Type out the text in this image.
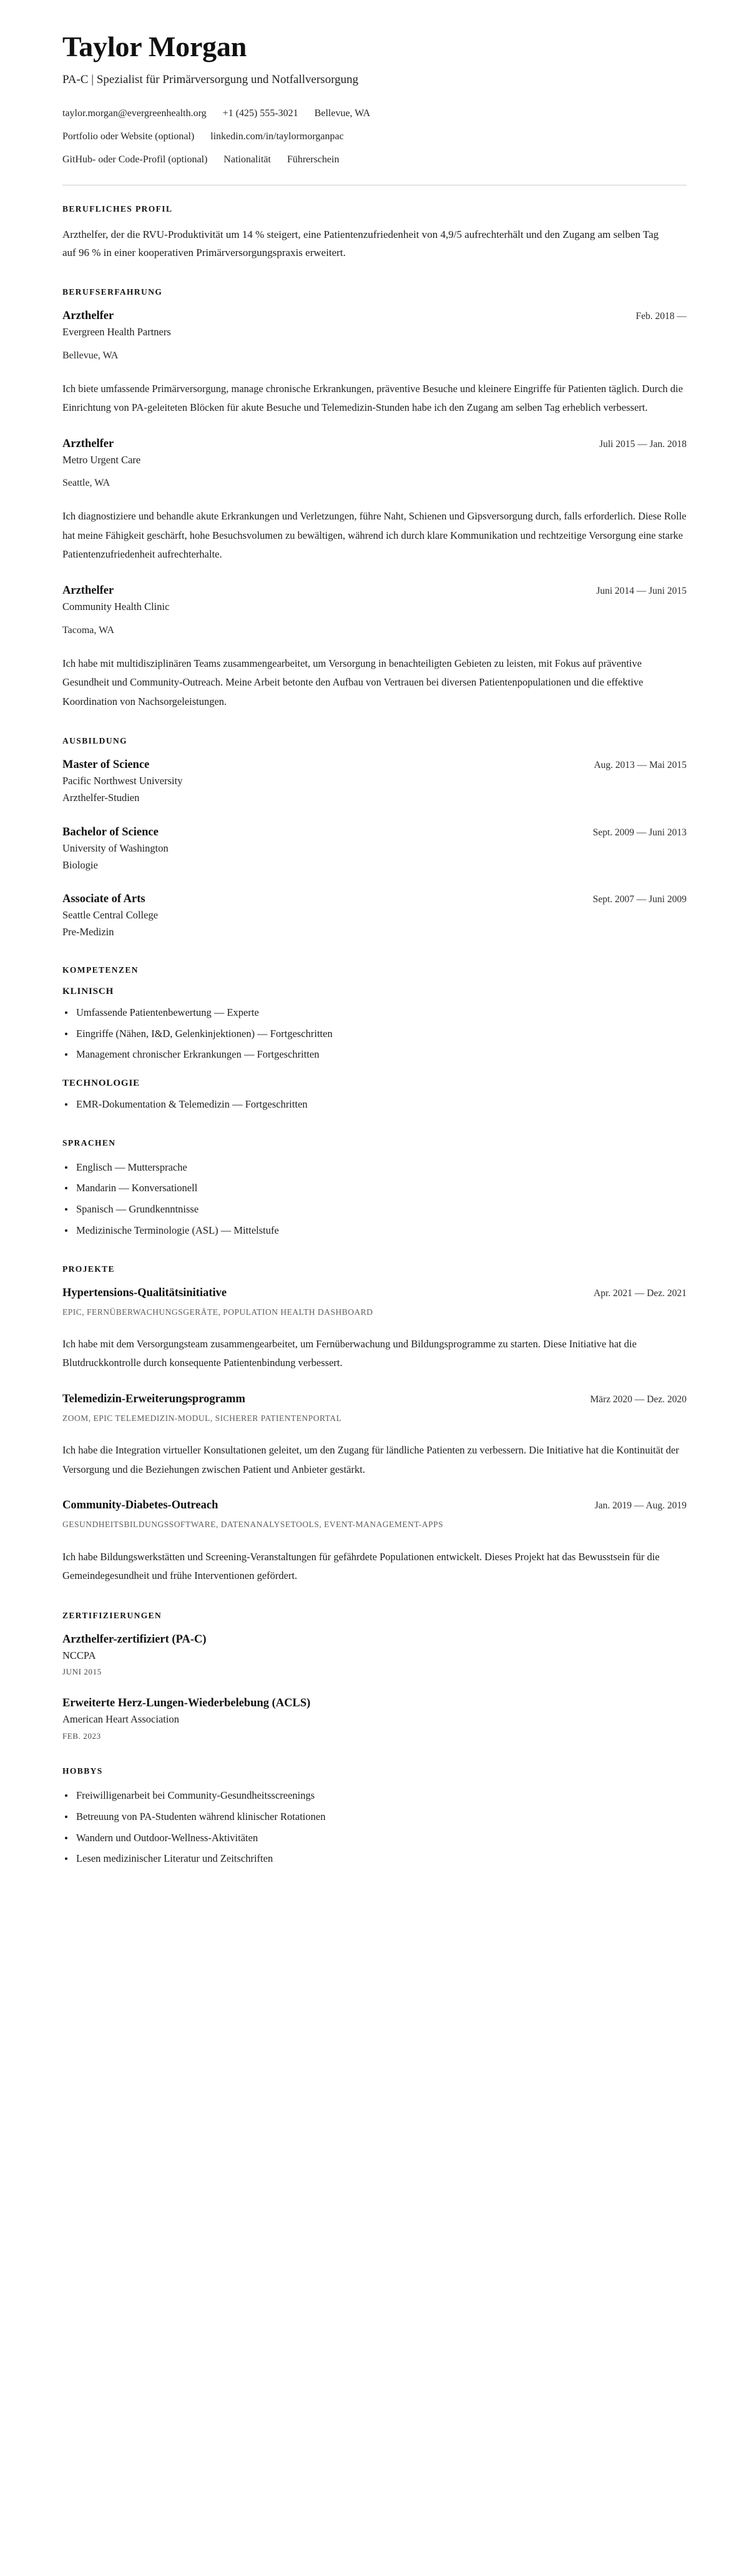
Taylor Morgan
PA-C | Spezialist für Primärversorgung und Notfallversorgung
taylor.morgan@evergreenhealth.org +1 (425) 555-3021 Bellevue, WA
Portfolio oder Website (optional) linkedin.com/in/taylormorganpac
GitHub- oder Code-Profil (optional) Nationalität Führerschein
BERUFLICHES PROFIL

Arzthelfer, der die RVU-Produktivität um 14 % steigert, eine Patientenzufriedenheit von 4,9/5 aufrechterhält und den Zugang am selben Tag auf 96 % in einer kooperativen Primärversorgungspraxis erweitert.

BERUFSERFAHRUNG
Arzthelfer	Feb. 2018 —
Evergreen Health Partners
Bellevue, WA
Ich biete umfassende Primärversorgung, manage chronische Erkrankungen, präventive Besuche und kleinere Eingriffe für Patienten täglich. Durch die Einrichtung von PA-geleiteten Blöcken für akute Besuche und Telemedizin-Stunden habe ich den Zugang am selben Tag erheblich verbessert.
Arzthelfer	Juli 2015 — Jan. 2018
Metro Urgent Care
Seattle, WA
Ich diagnostiziere und behandle akute Erkrankungen und Verletzungen, führe Naht, Schienen und Gipsversorgung durch, falls erforderlich. Diese Rolle hat meine Fähigkeit geschärft, hohe Besuchsvolumen zu bewältigen, während ich durch klare Kommunikation und rechtzeitige Versorgung eine starke Patientenzufriedenheit aufrechterhalte.
Arzthelfer	Juni 2014 — Juni 2015
Community Health Clinic
Tacoma, WA
Ich habe mit multidisziplinären Teams zusammengearbeitet, um Versorgung in benachteiligten Gebieten zu leisten, mit Fokus auf präventive Gesundheit und Community-Outreach. Meine Arbeit betonte den Aufbau von Vertrauen bei diversen Patientenpopulationen und die effektive Koordination von Nachsorgeleistungen.
AUSBILDUNG
Master of Science	Aug. 2013 — Mai 2015
Pacific Northwest University
Arzthelfer-Studien
Bachelor of Science	Sept. 2009 — Juni 2013
University of Washington
Biologie
Associate of Arts	Sept. 2007 — Juni 2009
Seattle Central College
Pre-Medizin
KOMPETENZEN
KLINISCH
Umfassende Patientenbewertung — Experte
Eingriffe (Nähen, I&D, Gelenkinjektionen) — Fortgeschritten
Management chronischer Erkrankungen — Fortgeschritten
TECHNOLOGIE
EMR-Dokumentation & Telemedizin — Fortgeschritten
SPRACHEN
Englisch — Muttersprache
Mandarin — Konversationell
Spanisch — Grundkenntnisse
Medizinische Terminologie (ASL) — Mittelstufe
PROJEKTE
Hypertensions-Qualitätsinitiative	Apr. 2021 — Dez. 2021
EPIC, FERNÜBERWACHUNGSGERÄTE, POPULATION HEALTH DASHBOARD
Ich habe mit dem Versorgungsteam zusammengearbeitet, um Fernüberwachung und Bildungsprogramme zu starten. Diese Initiative hat die Blutdruckkontrolle durch konsequente Patientenbindung verbessert.
Telemedizin-Erweiterungsprogramm	März 2020 — Dez. 2020
ZOOM, EPIC TELEMEDIZIN-MODUL, SICHERER PATIENTENPORTAL
Ich habe die Integration virtueller Konsultationen geleitet, um den Zugang für ländliche Patienten zu verbessern. Die Initiative hat die Kontinuität der Versorgung und die Beziehungen zwischen Patient und Anbieter gestärkt.
Community-Diabetes-Outreach	Jan. 2019 — Aug. 2019
GESUNDHEITSBILDUNGSSOFTWARE, DATENANALYSETOOLS, EVENT-MANAGEMENT-APPS
Ich habe Bildungswerkstätten und Screening-Veranstaltungen für gefährdete Populationen entwickelt. Dieses Projekt hat das Bewusstsein für die Gemeindegesundheit und frühe Interventionen gefördert.
ZERTIFIZIERUNGEN
Arzthelfer-zertifiziert (PA-C)
NCCPA
JUNI 2015
Erweiterte Herz-Lungen-Wiederbelebung (ACLS)
American Heart Association
FEB. 2023
HOBBYS
Freiwilligenarbeit bei Community-Gesundheitsscreenings
Betreuung von PA-Studenten während klinischer Rotationen
Wandern und Outdoor-Wellness-Aktivitäten
Lesen medizinischer Literatur und Zeitschriften
